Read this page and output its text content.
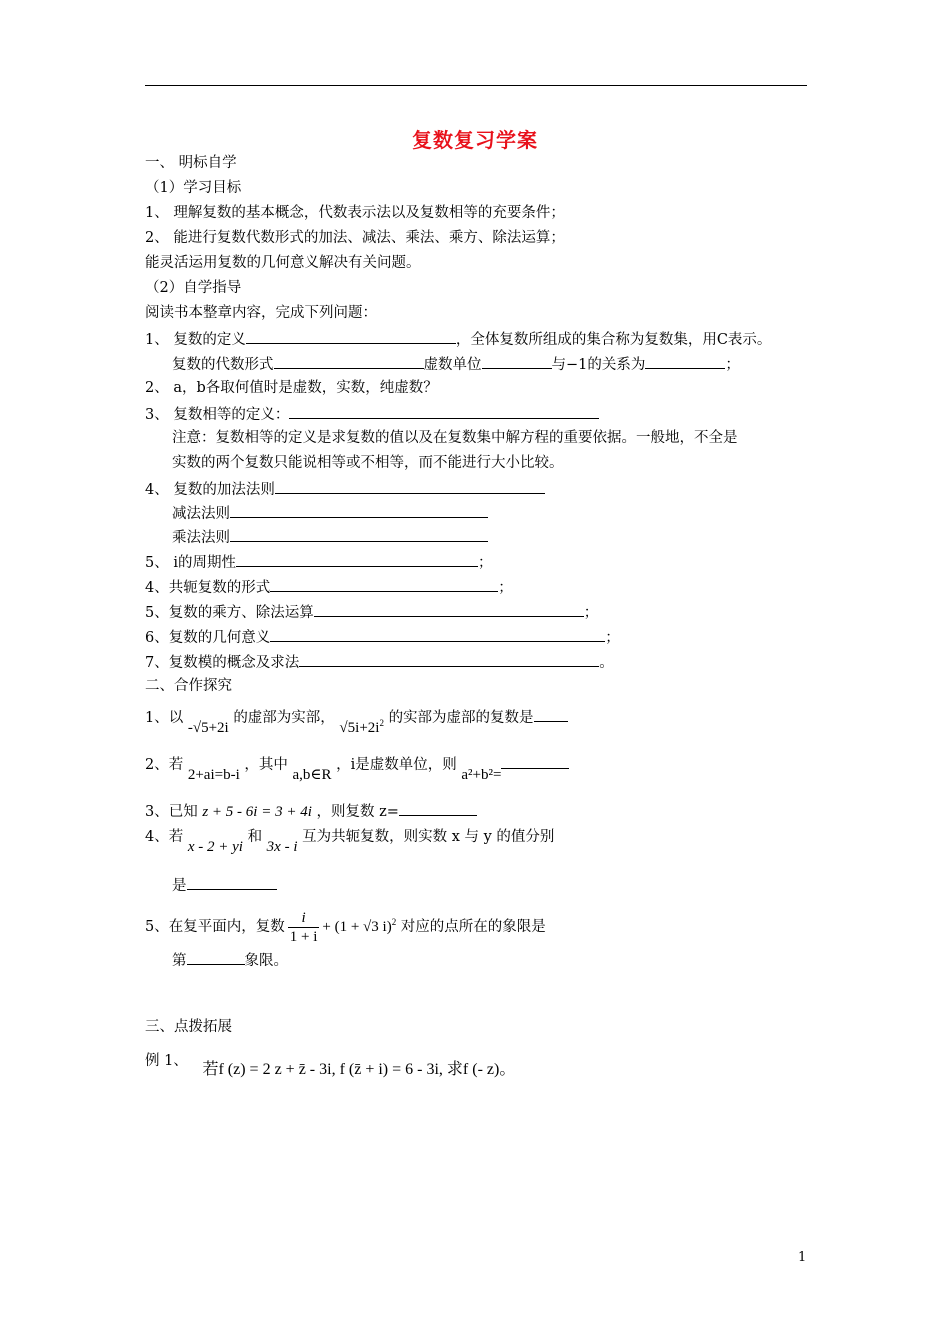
复数复习学案
一、 明标自学
（1）学习目标
1、 理解复数的基本概念，代数表示法以及复数相等的充要条件；
2、 能进行复数代数形式的加法、减法、乘法、乘方、除法运算；
能灵活运用复数的几何意义解决有关问题。
（2）自学指导
阅读书本整章内容，完成下列问题：
1、 复数的定义	，全体复数所组成的集合称为复数集，用C表示。
复数的代数形式	虚数单位	与−1的关系为	；
2、 a，b各取何值时是虚数，实数，纯虚数？
3、 复数相等的定义：
注意：复数相等的定义是求复数的值以及在复数集中解方程的重要依据。一般地，不全是
实数的两个复数只能说相等或不相等，而不能进行大小比较。
4、 复数的加法法则
减法法则
乘法法则
5、 i的周期性	；
4、共轭复数的形式	；
5、复数的乘方、除法运算	；
6、复数的几何意义	；
7、复数模的概念及求法	。
二、合作探究
1、以 -√5+2i 的虚部为实部， $√5i+2i^2$ 的实部为虚部的复数是
2、若 2+ai=b-i ，其中 a,b∈R ，i是虚数单位，则 a²+b²=
3、已知 z + 5 - 6i = 3 + 4i ，则复数 z=
4、若 x - 2 + yi 和 3x - i 互为共轭复数，则实数 x 与 y 的值分别
是
5、在复平面内，复数 $\frac{i}{1 + i} + (1 + √3$ i)$^2$ 对应的点所在的象限是
第	象限。
三、点拨拓展
例 1、 若f (z) = 2 z + z̄ - 3i, f (z̄ + i) = 6 - 3i, 求f (- z)。
1
